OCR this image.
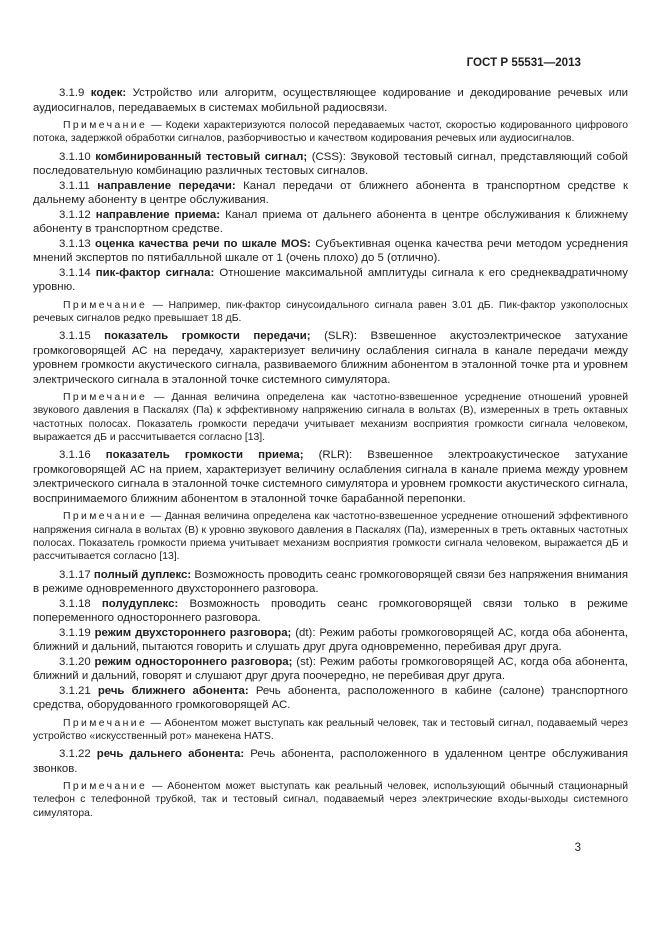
ГОСТ Р 55531—2013

3.1.9 кодек: Устройство или алгоритм, осуществляющее кодирование и декодирование речевых или аудиосигналов, передаваемых в системах мобильной радиосвязи.

Примечание — Кодеки характеризуются полосой передаваемых частот, скоростью кодированного цифрового потока, задержкой обработки сигналов, разборчивостью и качеством кодирования речевых или аудиосигналов.

3.1.10 комбинированный тестовый сигнал; (CSS): Звуковой тестовый сигнал, представляющий собой последовательную комбинацию различных тестовых сигналов.

3.1.11 направление передачи: Канал передачи от ближнего абонента в транспортном средстве к дальнему абоненту в центре обслуживания.

3.1.12 направление приема: Канал приема от дальнего абонента в центре обслуживания к ближнему абоненту в транспортном средстве.

3.1.13 оценка качества речи по шкале MOS: Субъективная оценка качества речи методом усреднения мнений экспертов по пятибалльной шкале от 1 (очень плохо) до 5 (отлично).

3.1.14 пик-фактор сигнала: Отношение максимальной амплитуды сигнала к его среднеквадратичному уровню.

Примечание — Например, пик-фактор синусоидального сигнала равен 3.01 дБ. Пик-фактор узкополосных речевых сигналов редко превышает 18 дБ.

3.1.15 показатель громкости передачи; (SLR): Взвешенное акустоэлектрическое затухание громкоговорящей АС на передачу, характеризует величину ослабления сигнала в канале передачи между уровнем громкости акустического сигнала, развиваемого ближним абонентом в эталонной точке рта и уровнем электрического сигнала в эталонной точке системного симулятора.

Примечание — Данная величина определена как частотно-взвешенное усреднение отношений уровней звукового давления в Паскалях (Па) к эффективному напряжению сигнала в вольтах (В), измеренных в треть октавных частотных полосах. Показатель громкости передачи учитывает механизм восприятия громкости сигнала человеком, выражается дБ и рассчитывается согласно [13].

3.1.16 показатель громкости приема; (RLR): Взвешенное электроакустическое затухание громкоговорящей АС на прием, характеризует величину ослабления сигнала в канале приема между уровнем электрического сигнала в эталонной точке системного симулятора и уровнем громкости акустического сигнала, воспринимаемого ближним абонентом в эталонной точке барабанной перепонки.

Примечание — Данная величина определена как частотно-взвешенное усреднение отношений эффективного напряжения сигнала в вольтах (В) к уровню звукового давления в Паскалях (Па), измеренных в треть октавных частотных полосах. Показатель громкости приема учитывает механизм восприятия громкости сигнала человеком, выражается дБ и рассчитывается согласно [13].

3.1.17 полный дуплекс: Возможность проводить сеанс громкоговорящей связи без напряжения внимания в режиме одновременного двухстороннего разговора.

3.1.18 полудуплекс: Возможность проводить сеанс громкоговорящей связи только в режиме попеременного одностороннего разговора.

3.1.19 режим двухстороннего разговора; (dt): Режим работы громкоговорящей АС, когда оба абонента, ближний и дальний, пытаются говорить и слушать друг друга одновременно, перебивая друг друга.

3.1.20 режим одностороннего разговора; (st): Режим работы громкоговорящей АС, когда оба абонента, ближний и дальний, говорят и слушают друг друга поочередно, не перебивая друг друга.

3.1.21 речь ближнего абонента: Речь абонента, расположенного в кабине (салоне) транспортного средства, оборудованного громкоговорящей АС.

Примечание — Абонентом может выступать как реальный человек, так и тестовый сигнал, подаваемый через устройство «искусственный рот» манекена HATS.

3.1.22 речь дальнего абонента: Речь абонента, расположенного в удаленном центре обслуживания звонков.

Примечание — Абонентом может выступать как реальный человек, использующий обычный стационарный телефон с телефонной трубкой, так и тестовый сигнал, подаваемый через электрические входы-выходы системного симулятора.

3
